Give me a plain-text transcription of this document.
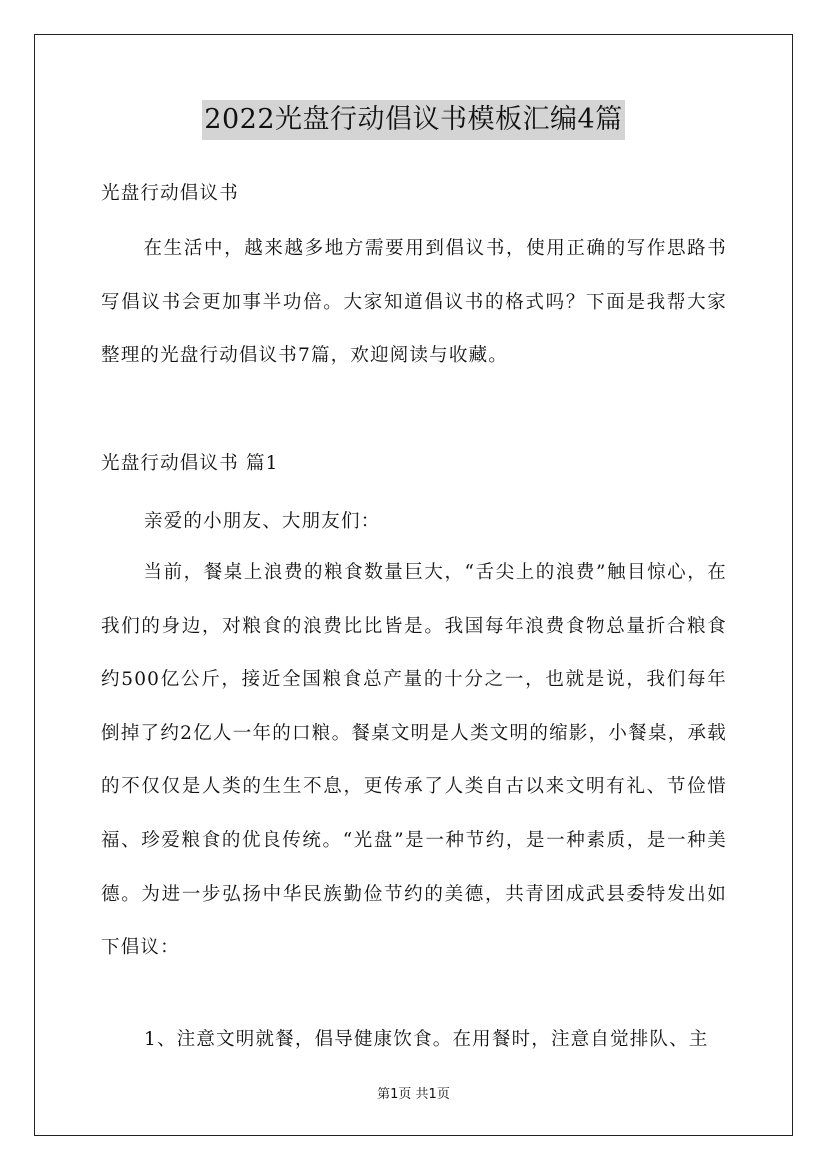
2022光盘行动倡议书模板汇编4篇
光盘行动倡议书
在生活中，越来越多地方需要用到倡议书，使用正确的写作思路书写倡议书会更加事半功倍。大家知道倡议书的格式吗？下面是我帮大家整理的光盘行动倡议书7篇，欢迎阅读与收藏。
光盘行动倡议书 篇1
亲爱的小朋友、大朋友们：
当前，餐桌上浪费的粮食数量巨大，“舌尖上的浪费”触目惊心，在我们的身边，对粮食的浪费比比皆是。我国每年浪费食物总量折合粮食约500亿公斤，接近全国粮食总产量的十分之一，也就是说，我们每年倒掉了约2亿人一年的口粮。餐桌文明是人类文明的缩影，小餐桌，承载的不仅仅是人类的生生不息，更传承了人类自古以来文明有礼、节俭惜福、珍爱粮食的优良传统。“光盘”是一种节约，是一种素质，是一种美德。为进一步弘扬中华民族勤俭节约的美德，共青团成武县委特发出如下倡议：
1、注意文明就餐，倡导健康饮食。在用餐时，注意自觉排队、主
第1页 共1页
